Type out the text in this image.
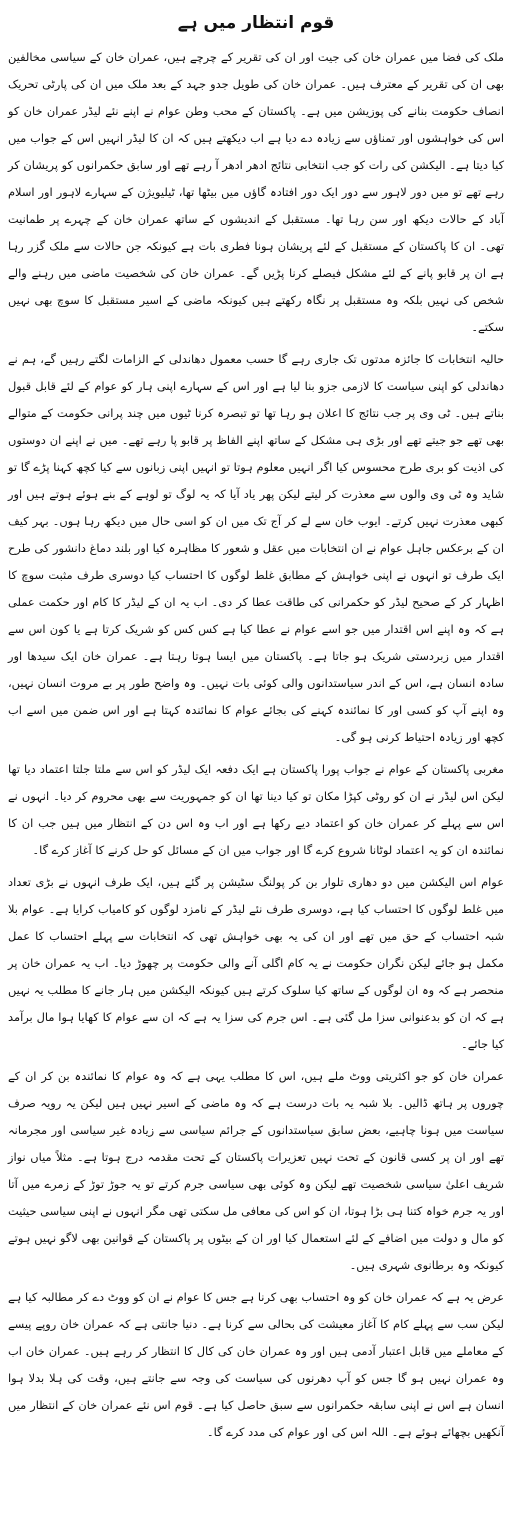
قوم انتظار میں ہے

ملک کی فضا میں عمران خان کی جیت اور ان کی تقریر کے چرچے ہیں، عمران خان کے سیاسی مخالفین بھی ان کی تقریر کے معترف ہیں۔ عمران خان کی طویل جدو جہد کے بعد ملک میں ان کی پارٹی تحریک انصاف حکومت بنانے کی پوزیشن میں ہے۔ پاکستان کے محب وطن عوام نے اپنے نئے لیڈر عمران خان کو اس کی خواہشوں اور تمناؤں سے زیادہ دے دیا ہے اب دیکھتے ہیں کہ ان کا لیڈر انہیں اس کے جواب میں کیا دیتا ہے۔ الیکشن کی رات کو جب انتخابی نتائج ادھر ادھر آ رہے تھے اور سابق حکمرانوں کو پریشان کر رہے تھے تو میں دور لاہور سے دور ایک دور افتادہ گاؤں میں بیٹھا تھا، ٹیلیویژن کے سہارے لاہور اور اسلام آباد کے حالات دیکھ اور سن رہا تھا۔ مستقبل کے اندیشوں کے ساتھ عمران خان کے چہرے پر طمانیت تھی۔ ان کا پاکستان کے مستقبل کے لئے پریشان ہونا فطری بات ہے کیونکہ جن حالات سے ملک گزر رہا ہے ان پر قابو پانے کے لئے مشکل فیصلے کرنا پڑیں گے۔ عمران خان کی شخصیت ماضی میں رہنے والے شخص کی نہیں بلکہ وہ مستقبل پر نگاہ رکھتے ہیں کیونکہ ماضی کے اسیر مستقبل کا سوچ بھی نہیں سکتے۔

حالیہ انتخابات کا جائزہ مدتوں تک جاری رہے گا حسب معمول دھاندلی کے الزامات لگتے رہیں گے، ہم نے دھاندلی کو اپنی سیاست کا لازمی جزو بنا لیا ہے اور اس کے سہارے اپنی ہار کو عوام کے لئے قابل قبول بناتے ہیں۔ ٹی وی پر جب نتائج کا اعلان ہو رہا تھا تو تبصرہ کرنا ٹیوں میں چند پرانی حکومت کے متوالے بھی تھے جو جیتے تھے اور بڑی ہی مشکل کے ساتھ اپنے الفاظ پر قابو پا رہے تھے۔ میں نے اپنے ان دوستوں کی اذیت کو بری طرح محسوس کیا اگر انہیں معلوم ہوتا تو انہیں اپنی زبانوں سے کیا کچھ کہنا پڑے گا تو شاید وہ ٹی وی والوں سے معذرت کر لیتے لیکن پھر یاد آیا کہ یہ لوگ تو لوہے کے بنے ہوئے ہوتے ہیں اور کبھی معذرت نہیں کرتے۔ ایوب خان سے لے کر آج تک میں ان کو اسی حال میں دیکھ رہا ہوں۔ بہر کیف ان کے برعکس جاہل عوام نے ان انتخابات میں عقل و شعور کا مظاہرہ کیا اور بلند دماغ دانشور کی طرح ایک طرف تو انہوں نے اپنی خواہش کے مطابق غلط لوگوں کا احتساب کیا دوسری طرف مثبت سوچ کا اظہار کر کے صحیح لیڈر کو حکمرانی کی طاقت عطا کر دی۔ اب یہ ان کے لیڈر کا کام اور حکمت عملی ہے کہ وہ اپنے اس اقتدار میں جو اسے عوام نے عطا کیا ہے کس کس کو شریک کرتا ہے یا کون اس سے اقتدار میں زبردستی شریک ہو جاتا ہے۔ پاکستان میں ایسا ہوتا رہتا ہے۔ عمران خان ایک سیدھا اور سادہ انسان ہے، اس کے اندر سیاستدانوں والی کوئی بات نہیں۔ وہ واضح طور پر بے مروت انسان نہیں، وہ اپنے آپ کو کسی اور کا نمائندہ کہنے کی بجائے عوام کا نمائندہ کہتا ہے اور اس ضمن میں اسے اب کچھ اور زیادہ احتیاط کرنی ہو گی۔

مغربی پاکستان کے عوام نے جواب پورا پاکستان ہے ایک دفعہ ایک لیڈر کو اس سے ملتا جلتا اعتماد دیا تھا لیکن اس لیڈر نے ان کو روٹی کپڑا مکان تو کیا دینا تھا ان کو جمہوریت سے بھی محروم کر دیا۔ انہوں نے اس سے پہلے کر عمران خان کو اعتماد دیے رکھا ہے اور اب وہ اس دن کے انتظار میں ہیں جب ان کا نمائندہ ان کو یہ اعتماد لوٹانا شروع کرے گا اور جواب میں ان کے مسائل کو حل کرنے کا آغاز کرے گا۔

عوام اس الیکشن میں دو دھاری تلوار بن کر پولنگ سٹیشن پر گئے ہیں، ایک طرف انہوں نے بڑی تعداد میں غلط لوگوں کا احتساب کیا ہے، دوسری طرف نئے لیڈر کے نامزد لوگوں کو کامیاب کرایا ہے۔ عوام بلا شبہ احتساب کے حق میں تھے اور ان کی یہ بھی خواہش تھی کہ انتخابات سے پہلے احتساب کا عمل مکمل ہو جائے لیکن نگران حکومت نے یہ کام اگلی آنے والی حکومت پر چھوڑ دیا۔ اب یہ عمران خان پر منحصر ہے کہ وہ ان لوگوں کے ساتھ کیا سلوک کرتے ہیں کیونکہ الیکشن میں ہار جانے کا مطلب یہ نہیں ہے کہ ان کو بدعنوانی سزا مل گئی ہے۔ اس جرم کی سزا یہ ہے کہ ان سے عوام کا کھایا ہوا مال برآمد کیا جائے۔

عمران خان کو جو اکثریتی ووٹ ملے ہیں، اس کا مطلب یہی ہے کہ وہ عوام کا نمائندہ بن کر ان کے چوروں پر ہاتھ ڈالیں۔ بلا شبہ یہ بات درست ہے کہ وہ ماضی کے اسیر نہیں ہیں لیکن یہ رویہ صرف سیاست میں ہونا چاہیے، بعض سابق سیاستدانوں کے جرائم سیاسی سے زیادہ غیر سیاسی اور مجرمانہ تھے اور ان پر کسی قانون کے تحت نہیں تعزیرات پاکستان کے تحت مقدمہ درج ہوتا ہے۔ مثلاً میاں نواز شریف اعلیٰ سیاسی شخصیت تھے لیکن وہ کوئی بھی سیاسی جرم کرتے تو یہ جوڑ توڑ کے زمرے میں آتا اور یہ جرم خواہ کتنا ہی بڑا ہوتا، ان کو اس کی معافی مل سکتی تھی مگر انہوں نے اپنی سیاسی حیثیت کو مال و دولت میں اضافے کے لئے استعمال کیا اور ان کے بیٹوں پر پاکستان کے قوانین بھی لاگو نہیں ہوتے کیونکہ وہ برطانوی شہری ہیں۔

عرض یہ ہے کہ عمران خان کو وہ احتساب بھی کرنا ہے جس کا عوام نے ان کو ووٹ دے کر مطالبہ کیا ہے لیکن سب سے پہلے کام کا آغاز معیشت کی بحالی سے کرنا ہے۔ دنیا جانتی ہے کہ عمران خان روپے پیسے کے معاملے میں قابل اعتبار آدمی ہیں اور وہ عمران خان کی کال کا انتظار کر رہے ہیں۔ عمران خان اب وہ عمران نہیں ہو گا جس کو آپ دھرنوں کی سیاست کی وجہ سے جانتے ہیں، وقت کی ہلا بدلا ہوا انسان ہے اس نے اپنی سابقہ حکمرانوں سے سبق حاصل کیا ہے۔ قوم اس نئے عمران خان کے انتظار میں آنکھیں بچھائے ہوئے ہے۔ اللہ اس کی اور عوام کی مدد کرے گا۔
